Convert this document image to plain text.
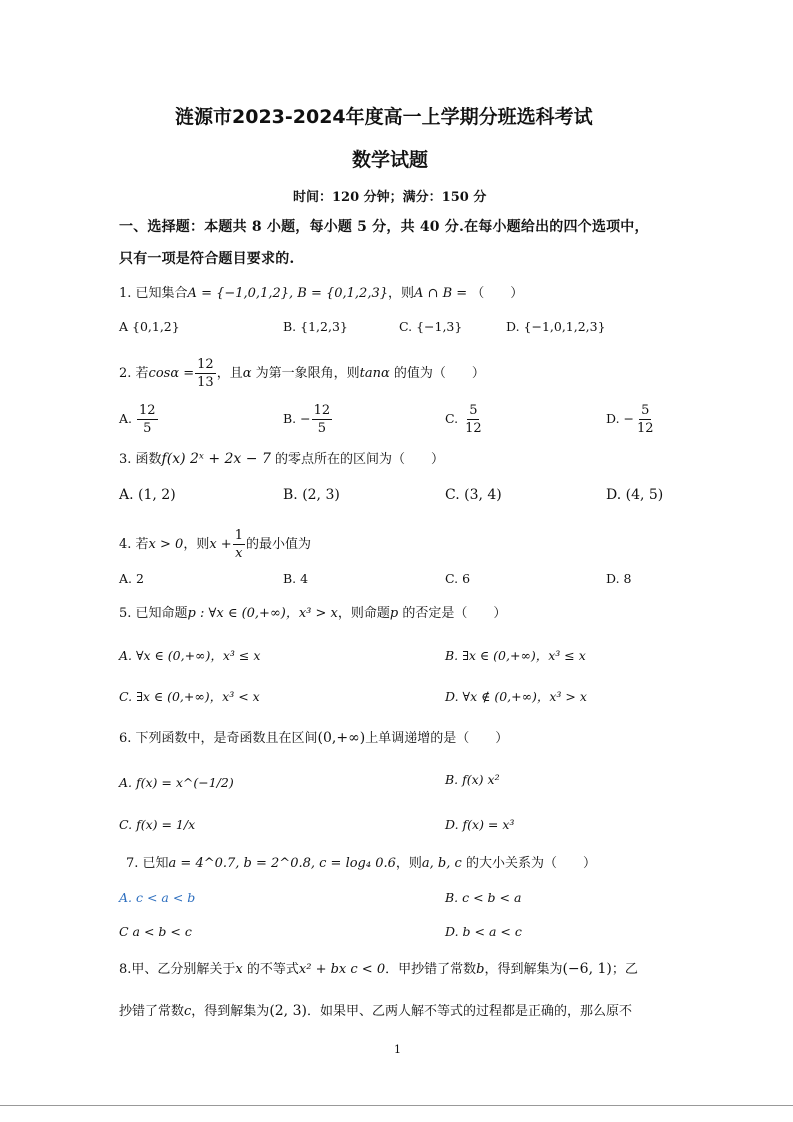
涟源市2023-2024年度高一上学期分班选科考试
数学试题
时间：120 分钟；满分：150 分
一、选择题：本题共 8 小题，每小题 5 分，共 40 分.在每小题给出的四个选项中，
只有一项是符合题目要求的.
1. 已知集合A = {−1,0,1,2}, B = {0,1,2,3}，则A ∩ B = （　　）
A {0,1,2}	B. {1,2,3}	C. {−1,3}	D. {−1,0,1,2,3}
2. 若$\cos\alpha = \frac{12}{13}$ ，且α 为第一象限角，则tanα 的值为（　　）
A. $\frac{12}{5}$	B. − $\frac{12}{5}$	C. $\frac{5}{12}$	D. − $\frac{5}{12}$
3. 函数f(x) 2ˣ + 2x − 7 的零点所在的区间为（　　）
A. (1, 2)	B. (2, 3)	C. (3, 4)	D. (4, 5)
4. 若x > 0，则$x + \frac{1}{x}$ 的最小值为
A. 2	B. 4	C. 6	D. 8
5. 已知命题p : ∀x ∈ (0,+∞)，x³ > x，则命题p 的否定是（　　）
A. ∀x ∈ (0,+∞)，x³ ≤ x	B. ∃x ∈ (0,+∞)，x³ ≤ x
C. ∃x ∈ (0,+∞)，x³ < x	D. ∀x ∉ (0,+∞)，x³ > x
6. 下列函数中，是奇函数且在区间(0,+∞)上单调递增的是（　　）
A. f(x) = x^(−1/2)	B. f(x) x²
C. f(x) = 1/x	D. f(x) = x³
7. 已知a = 4^0.7, b = 2^0.8, c = log₄ 0.6，则a, b, c 的大小关系为（　　）
A. c < a < b	B. c < b < a
C a < b < c	D. b < a < c
8.甲、乙分别解关于x 的不等式x² + bx c < 0．甲抄错了常数b，得到解集为(−6, 1)；乙
抄错了常数c，得到解集为(2, 3)．如果甲、乙两人解不等式的过程都是正确的，那么原不
1
